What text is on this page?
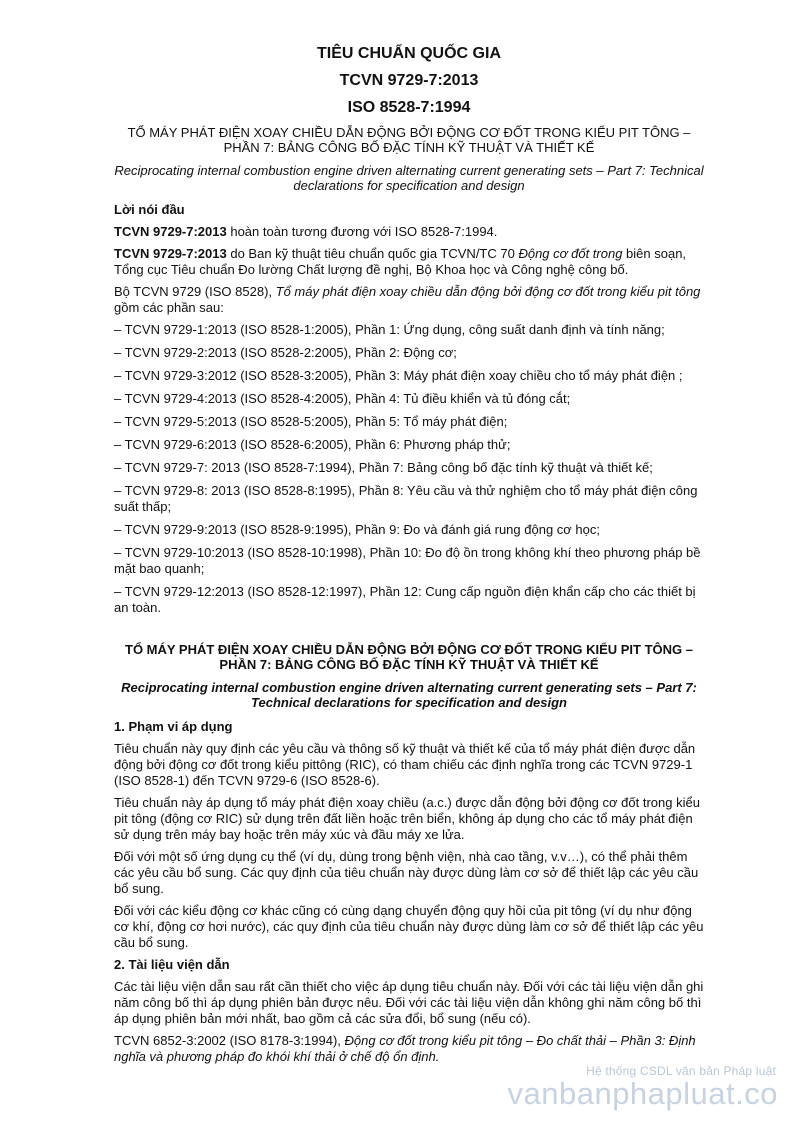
TIÊU CHUẨN QUỐC GIA
TCVN 9729-7:2013
ISO 8528-7:1994
TỔ MÁY PHÁT ĐIỆN XOAY CHIỀU DẪN ĐỘNG BỞI ĐỘNG CƠ ĐỐT TRONG KIỂU PIT TÔNG – PHẦN 7: BẢNG CÔNG BỐ ĐẶC TÍNH KỸ THUẬT VÀ THIẾT KẾ
Reciprocating internal combustion engine driven alternating current generating sets – Part 7: Technical declarations for specification and design
Lời nói đầu

TCVN 9729-7:2013 hoàn toàn tương đương với ISO 8528-7:1994.

TCVN 9729-7:2013 do Ban kỹ thuật tiêu chuẩn quốc gia TCVN/TC 70 Động cơ đốt trong biên soạn, Tổng cục Tiêu chuẩn Đo lường Chất lượng đề nghị, Bộ Khoa học và Công nghệ công bố.

Bộ TCVN 9729 (ISO 8528), Tổ máy phát điện xoay chiều dẫn động bởi động cơ đốt trong kiểu pit tông gồm các phần sau:

– TCVN 9729-1:2013 (ISO 8528-1:2005), Phần 1: Ứng dụng, công suất danh định và tính năng;

– TCVN 9729-2:2013 (ISO 8528-2:2005), Phần 2: Động cơ;

– TCVN 9729-3:2012 (ISO 8528-3:2005), Phần 3: Máy phát điện xoay chiều cho tổ máy phát điện ;

– TCVN 9729-4:2013 (ISO 8528-4:2005), Phần 4: Tủ điều khiển và tủ đóng cắt;

– TCVN 9729-5:2013 (ISO 8528-5:2005), Phần 5: Tổ máy phát điện;

– TCVN 9729-6:2013 (ISO 8528-6:2005), Phần 6: Phương pháp thử;

– TCVN 9729-7: 2013 (ISO 8528-7:1994), Phần 7: Bảng công bố đặc tính kỹ thuật và thiết kế;

– TCVN 9729-8: 2013 (ISO 8528-8:1995), Phần 8: Yêu cầu và thử nghiệm cho tổ máy phát điện công suất thấp;

– TCVN 9729-9:2013 (ISO 8528-9:1995), Phần 9: Đo và đánh giá rung động cơ học;

– TCVN 9729-10:2013 (ISO 8528-10:1998), Phần 10: Đo độ ồn trong không khí theo phương pháp bề mặt bao quanh;

– TCVN 9729-12:2013 (ISO 8528-12:1997), Phần 12: Cung cấp nguồn điện khẩn cấp cho các thiết bị an toàn.

TỔ MÁY PHÁT ĐIỆN XOAY CHIỀU DẪN ĐỘNG BỞI ĐỘNG CƠ ĐỐT TRONG KIỂU PIT TÔNG – PHẦN 7: BẢNG CÔNG BỐ ĐẶC TÍNH KỸ THUẬT VÀ THIẾT KẾ
Reciprocating internal combustion engine driven alternating current generating sets – Part 7: Technical declarations for specification and design
1. Phạm vi áp dụng

Tiêu chuẩn này quy định các yêu cầu và thông số kỹ thuật và thiết kế của tổ máy phát điện được dẫn động bởi động cơ đốt trong kiểu pittông (RIC), có tham chiếu các định nghĩa trong các TCVN 9729-1 (ISO 8528-1) đến TCVN 9729-6 (ISO 8528-6).

Tiêu chuẩn này áp dụng tổ máy phát điện xoay chiều (a.c.) được dẫn động bởi động cơ đốt trong kiểu pit tông (động cơ RIC) sử dụng trên đất liền hoặc trên biển, không áp dụng cho các tổ máy phát điện sử dụng trên máy bay hoặc trên máy xúc và đầu máy xe lửa.

Đối với một số ứng dụng cụ thể (ví dụ, dùng trong bệnh viện, nhà cao tầng, v.v…), có thể phải thêm các yêu cầu bổ sung. Các quy định của tiêu chuẩn này được dùng làm cơ sở để thiết lập các yêu cầu bổ sung.

Đối với các kiểu động cơ khác cũng có cùng dạng chuyển động quy hồi của pit tông (ví dụ như động cơ khí, động cơ hơi nước), các quy định của tiêu chuẩn này được dùng làm cơ sở để thiết lập các yêu cầu bổ sung.

2. Tài liệu viện dẫn

Các tài liệu viện dẫn sau rất cần thiết cho việc áp dụng tiêu chuẩn này. Đối với các tài liệu viện dẫn ghi năm công bố thì áp dụng phiên bản được nêu. Đối với các tài liệu viện dẫn không ghi năm công bố thì áp dụng phiên bản mới nhất, bao gồm cả các sửa đổi, bổ sung (nếu có).

TCVN 6852-3:2002 (ISO 8178-3:1994), Động cơ đốt trong kiểu pit tông – Đo chất thải – Phần 3: Định nghĩa và phương pháp đo khói khí thải ở chế độ ổn định.

Hệ thống CSDL văn bản Pháp luật
vanbanphapluat.co
